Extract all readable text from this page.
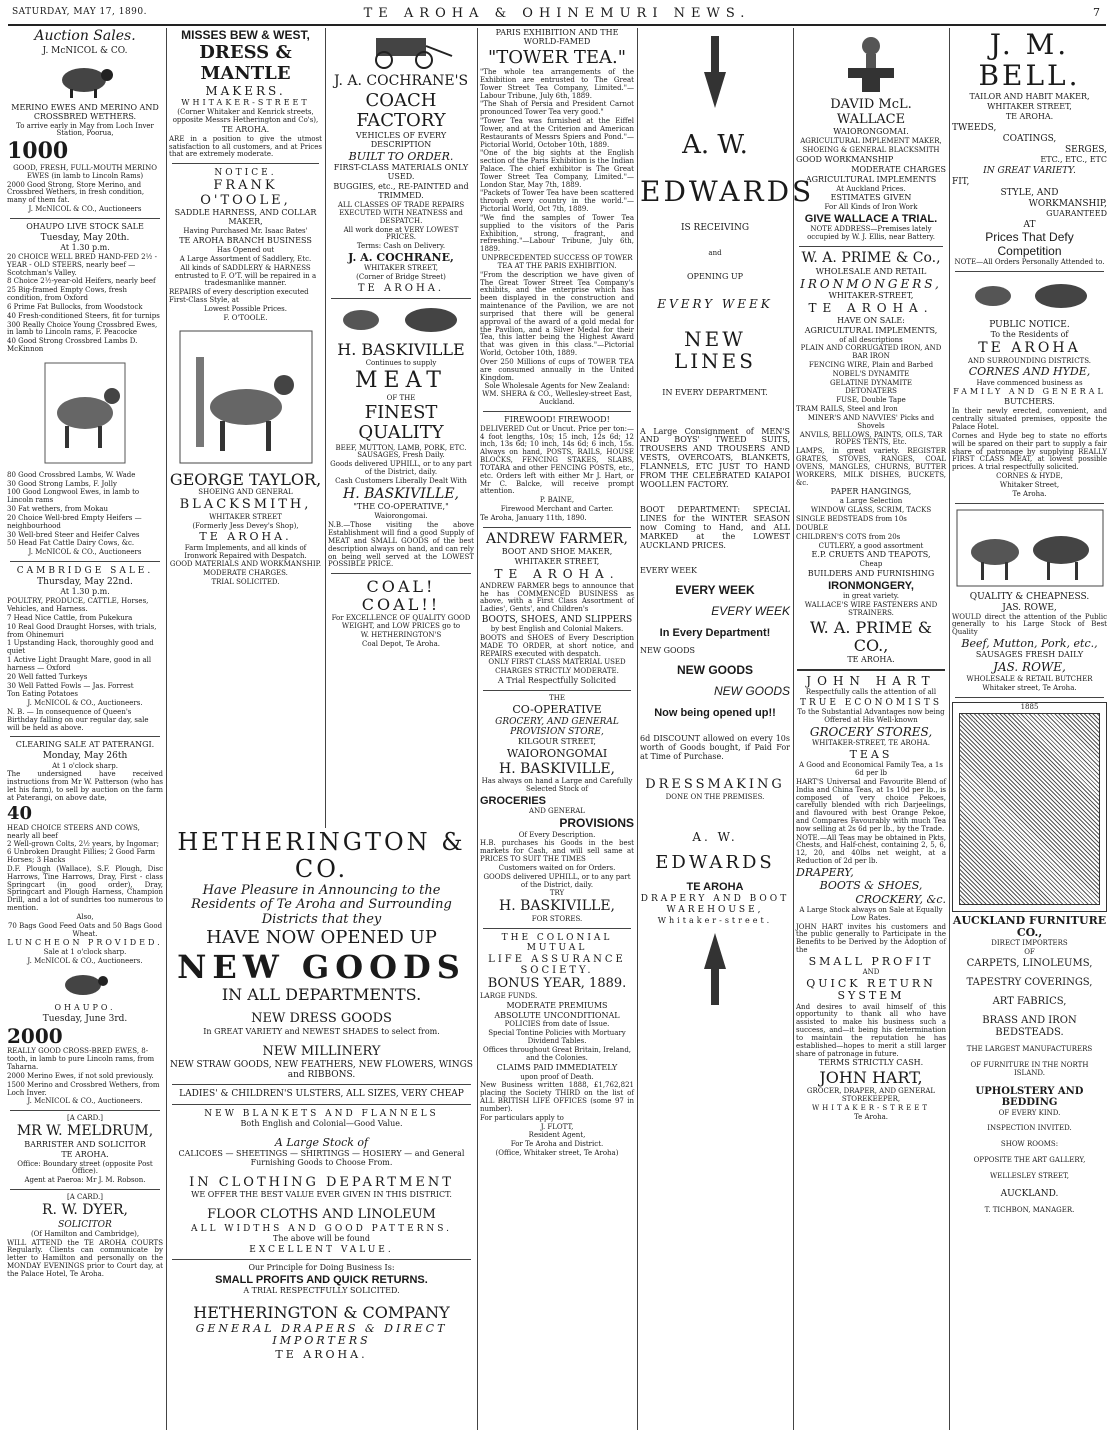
SATURDAY, MAY 17, 1890.	TE AROHA & OHINEMURI NEWS.	7
Auction Sales.
J. McNICOL & CO.
MERINO EWES AND MERINO AND CROSSBRED WETHERS.
To arrive early in May from Loch Inver Station, Poorua,
1000
GOOD, FRESH, FULL-MOUTH MERINO EWES (in lamb to Lincoln Rams)
2000 Good Strong, Store Merino, and Crossbred Wethers, in fresh condition, many of them fat.
J. McNICOL & CO., Auctioneers
OHAUPO LIVE STOCK SALE
Tuesday, May 20th.
At 1.30 p.m.
20 CHOICE WELL BRED HAND-FED 2½ - YEAR - OLD STEERS, nearly beef — Scotchman's Valley.
8 Choice 2½-year-old Heifers, nearly beef
25 Big-framed Empty Cows, fresh condition, from Oxford
6 Prime Fat Bullocks, from Woodstock
40 Fresh-conditioned Steers, fit for turnips
300 Really Choice Young Crossbred Ewes, in lamb to Lincoln rams, F. Peacocke
40 Good Strong Crossbred Lambs D. McKinnon
80 Good Crossbred Lambs, W. Wade
30 Good Strong Lambs, F. Jolly
100 Good Longwool Ewes, in lamb to Lincoln rams
30 Fat wethers, from Mokau
20 Choice Well-bred Empty Heifers — neighbourhood
30 Well-bred Steer and Heifer Calves
50 Head Fat Cattle Dairy Cows, &c.
J. McNICOL & CO., Auctioneers
CAMBRIDGE SALE.
Thursday, May 22nd.
At 1.30 p.m.
POULTRY, PRODUCE, CATTLE, Horses, Vehicles, and Harness.
7 Head Nice Cattle, from Pukekura
10 Real Good Draught Horses, with trials, from Ohinemuri
1 Upstanding Hack, thoroughly good and quiet
1 Active Light Draught Mare, good in all harness — Oxford
20 Well fatted Turkeys
30 Well Fatted Fowls — Jas. Forrest
Ton Eating Potatoes
J. McNICOL & CO., Auctioneers.
N. B. — In consequence of Queen's Birthday falling on our regular day, sale will be held as above.
CLEARING SALE AT PATERANGI.
Monday, May 26th
At 1 o'clock sharp.
The undersigned have received instructions from Mr W. Patterson (who has let his farm), to sell by auction on the farm at Paterangi, on above date,
40
HEAD CHOICE STEERS AND COWS, nearly all beef
2 Well-grown Colts, 2½ years, by Ingomar; 6 Unbroken Draught Fillies; 2 Good Farm Horses; 3 Hacks
D.F. Plough (Wallace), S.F. Plough, Disc Harrows, Tine Harrows, Dray, First - class Springcart (in good order), Dray, Springcart and Plough Harness, Champion Drill, and a lot of sundries too numerous to mention.
Also,
70 Bags Good Feed Oats and 50 Bags Good Wheat.
LUNCHEON PROVIDED.
Sale at 1 o'clock sharp.
J. McNICOL & CO., Auctioneers.
OHAUPO.
Tuesday, June 3rd.
2000
REALLY GOOD CROSS-BRED EWES, 8-tooth, in lamb to pure Lincoln rams, from Taharna.
2000 Merino Ewes, if not sold previously.
1500 Merino and Crossbred Wethers, from Loch Inver.
J. McNICOL & CO., Auctioneers.
[A CARD.]
MR W. MELDRUM,
BARRISTER AND SOLICITOR
TE AROHA.
Office: Boundary street (opposite Post Office).
Agent at Paeroa: Mr J. M. Robson.
[A CARD.]
R. W. DYER,
SOLICITOR
(Of Hamilton and Cambridge),
WILL ATTEND the TE AROHA COURTS Regularly. Clients can communicate by letter to Hamilton and personally on the MONDAY EVENINGS prior to Court day, at the Palace Hotel, Te Aroha.
MISSES BEW & WEST,
DRESS & MANTLE
MAKERS.
WHITAKER-STREET
(Corner Whitaker and Kenrick streets, opposite Messrs Hetherington and Co's),
TE AROHA.
ARE in a position to give the utmost satisfaction to all customers, and at Prices that are extremely moderate.
NOTICE.
FRANK O'TOOLE,
SADDLE HARNESS, AND COLLAR MAKER,
Having Purchased Mr. Isaac Bates'
TE AROHA BRANCH BUSINESS
Has Opened out
A Large Assortment of Saddlery, Etc.
All kinds of SADDLERY & HARNESS entrusted to F. O'T. will be repaired in a tradesmanlike manner.
REPAIRS of every description executed First-Class Style, at
Lowest Possible Prices.
F. O'TOOLE.
GEORGE TAYLOR,
SHOEING AND GENERAL
BLACKSMITH,
WHITAKER STREET
(Formerly Jess Devey's Shop),
TE AROHA.
Farm Implements, and all kinds of Ironwork Repaired with Despatch.
GOOD MATERIALS AND WORKMANSHIP.
MODERATE CHARGES.
TRIAL SOLICITED.
J. A. COCHRANE'S
COACH FACTORY
VEHICLES OF EVERY DESCRIPTION
BUILT TO ORDER.
FIRST-CLASS MATERIALS ONLY USED.
BUGGIES, etc., RE-PAINTED and TRIMMED.
ALL CLASSES OF TRADE REPAIRS EXECUTED WITH NEATNESS and DESPATCH.
All work done at VERY LOWEST PRICES.
Terms: Cash on Delivery.
J. A. COCHRANE,
WHITAKER STREET,
(Corner of Bridge Street)
TE AROHA.
H. BASKIVILLE
Continues to supply
MEAT
OF THE
FINEST QUALITY
BEEF, MUTTON, LAMB, PORK, ETC. SAUSAGES, Fresh Daily.
Goods delivered UPHILL, or to any part of the District, daily.
Cash Customers Liberally Dealt With
H. BASKIVILLE,
"THE CO-OPERATIVE,"
Waiorongomai.
N.B.—Those visiting the above Establishment will find a good Supply of MEAT and SMALL GOODS of the best description always on hand, and can rely on being well served at the LOWEST POSSIBLE PRICE.
COAL! COAL!!
For EXCELLENCE OF QUALITY GOOD WEIGHT, and LOW PRICES go to
W. HETHERINGTON'S
Coal Depot, Te Aroha.
HETHERINGTON & CO.
Have Pleasure in Announcing to the Residents of Te Aroha and Surrounding Districts that they
HAVE NOW OPENED UP
NEW GOODS
IN ALL DEPARTMENTS.
NEW DRESS GOODS
In GREAT VARIETY and NEWEST SHADES to select from.
NEW MILLINERY
NEW STRAW GOODS, NEW FEATHERS, NEW FLOWERS, WINGS and RIBBONS.
LADIES' & CHILDREN'S ULSTERS, ALL SIZES, VERY CHEAP
NEW BLANKETS AND FLANNELS
Both English and Colonial—Good Value.
A Large Stock of
CALICOES — SHEETINGS — SHIRTINGS — HOSIERY — and General Furnishing Goods to Choose From.
IN CLOTHING DEPARTMENT
WE OFFER THE BEST VALUE EVER GIVEN IN THIS DISTRICT.
FLOOR CLOTHS AND LINOLEUM
ALL WIDTHS AND GOOD PATTERNS.
The above will be found
EXCELLENT VALUE.
Our Principle for Doing Business Is:
SMALL PROFITS AND QUICK RETURNS.
A TRIAL RESPECTFULLY SOLICITED.
HETHERINGTON & COMPANY
GENERAL DRAPERS & DIRECT IMPORTERS
TE AROHA.
PARIS EXHIBITION AND THE WORLD-FAMED
"TOWER TEA."
"The whole tea arrangements of the Exhibition are entrusted to The Great Tower Street Tea Company, Limited."—Labour Tribune, July 6th, 1889.
"The Shah of Persia and President Carnot pronounced Tower Tea very good."
"Tower Tea was furnished at the Eiffel Tower, and at the Criterion and American Restaurants of Messrs Spiers and Pond."—Pictorial World, October 10th, 1889.
"One of the big sights at the English section of the Paris Exhibition is the Indian Palace. The chief exhibitor is The Great Tower Street Tea Company, Limited."—London Star, May 7th, 1889.
"Packets of Tower Tea have been scattered through every country in the world."—Pictorial World, Oct 7th, 1889.
"We find the samples of Tower Tea supplied to the visitors of the Paris Exhibition, strong, fragrant, and refreshing."—Labour Tribune, July 6th, 1889.
UNPRECEDENTED SUCCESS OF TOWER TEA AT THE PARIS EXHIBITION.
"From the description we have given of The Great Tower Street Tea Company's exhibits, and the enterprise which has been displayed in the construction and maintenance of the Pavilion, we are not surprised that there will be general approval of the award of a gold medal for the Pavilion, and a Silver Medal for their Tea, this latter being the Highest Award that was given in this class."—Pictorial World, October 10th, 1889.
Over 250 Millions of cups of TOWER TEA are consumed annually in the United Kingdom.
Sole Wholesale Agents for New Zealand: WM. SHERA & CO., Wellesley-street East, Auckland.
FIREWOOD! FIREWOOD!
DELIVERED Cut or Uncut. Price per ton:—4 foot lengths, 10s; 15 inch, 12s 6d; 12 inch, 13s 6d; 10 inch, 14s 6d; 6 inch, 15s. Always on hand, POSTS, RAILS, HOUSE BLOCKS, FENCING STAKES, SLABS, TOTARA and other FENCING POSTS, etc., etc. Orders left with either Mr J. Hart, or Mr C. Balcke, will receive prompt attention.
P. BAINE,
Firewood Merchant and Carter.
Te Aroha, January 11th, 1890.
ANDREW FARMER,
BOOT AND SHOE MAKER,
WHITAKER STREET,
TE AROHA.
ANDREW FARMER begs to announce that he has COMMENCED BUSINESS as above, with a First Class Assortment of Ladies', Gents', and Children's
BOOTS, SHOES, AND SLIPPERS
by best English and Colonial Makers.
BOOTS and SHOES of Every Description MADE TO ORDER, at short notice, and REPAIRS executed with despatch.
ONLY FIRST CLASS MATERIAL USED
CHARGES STRICTLY MODERATE.
A Trial Respectfully Solicited
THE
CO-OPERATIVE
GROCERY, AND GENERAL PROVISION STORE,
KILGOUR STREET,
WAIORONGOMAI
H. BASKIVILLE,
Has always on hand a Large and Carefully Selected Stock of
GROCERIES
AND GENERAL
PROVISIONS
Of Every Description.
H.B. purchases his Goods in the best markets for Cash, and will sell same at PRICES TO SUIT THE TIMES
Customers waited on for Orders.
GOODS delivered UPHILL, or to any part of the District, daily.
TRY
H. BASKIVILLE,
FOR STORES.
THE COLONIAL MUTUAL
LIFE ASSURANCE SOCIETY.
BONUS YEAR, 1889.
LARGE FUNDS.
MODERATE PREMIUMS
ABSOLUTE UNCONDITIONAL
POLICIES from date of Issue.
Special Tontine Policies with Mortuary Dividend Tables.
Offices throughout Great Britain, Ireland, and the Colonies.
CLAIMS PAID IMMEDIATELY
upon proof of Death.
New Business written 1888, £1,762,821 placing the Society THIRD on the list of ALL BRITISH LIFE OFFICES (some 97 in number).
For particulars apply to
J. FLOTT,
Resident Agent,
For Te Aroha and District.
(Office, Whitaker street, Te Aroha)
A. W.
EDWARDS
IS RECEIVING
and
OPENING UP
EVERY WEEK
NEW LINES
IN EVERY DEPARTMENT.
A Large Consignment of MEN'S AND BOYS' TWEED SUITS, TROUSERS AND TROUSERS AND VESTS, OVERCOATS, BLANKETS, FLANNELS, ETC JUST TO HAND FROM THE CELEBRATED KAIAPOI WOOLLEN FACTORY.
BOOT DEPARTMENT: SPECIAL LINES for the WINTER SEASON now Coming to Hand, and ALL MARKED at the LOWEST AUCKLAND PRICES.
EVERY WEEK
EVERY WEEK
EVERY WEEK
In Every Department!
NEW GOODS
NEW GOODS
NEW GOODS
Now being opened up!!
6d DISCOUNT allowed on every 10s worth of Goods bought, if Paid For at Time of Purchase.
DRESSMAKING
DONE ON THE PREMISES.
A. W.
EDWARDS
TE AROHA
DRAPERY AND BOOT
WAREHOUSE,
Whitaker-street.
DAVID McL. WALLACE
WAIORONGOMAI.
AGRICULTURAL IMPLEMENT MAKER,
SHOEING & GENERAL BLACKSMITH
GOOD WORKMANSHIP
MODERATE CHARGES
AGRICULTURAL IMPLEMENTS
At Auckland Prices.
ESTIMATES GIVEN
For All Kinds of Iron Work
GIVE WALLACE A TRIAL.
NOTE ADDRESS—Premises lately occupied by W. J. Ellis, near Battery.
W. A. PRIME & Co.,
WHOLESALE AND RETAIL
IRONMONGERS,
WHITAKER-STREET,
TE AROHA.
HAVE ON SALE:
AGRICULTURAL IMPLEMENTS,
of all descriptions
PLAIN AND CORRUGATED IRON, AND BAR IRON
FENCING WIRE, Plain and Barbed
NOBEL'S DYNAMITE
GELATINE DYNAMITE
DETONATERS
FUSE, Double Tape
TRAM RAILS, Steel and Iron
MINER'S AND NAVVIES' Picks and Shovels
ANVILS, BELLOWS, PAINTS, OILS, TAR ROPES TENTS, Etc.
LAMPS, in great variety. REGISTER GRATES, STOVES, RANGES, COAL OVENS, MANGLES, CHURNS, BUTTER WORKERS, MILK DISHES, BUCKETS, &c.
PAPER HANGINGS,
a Large Selection
WINDOW GLASS, SCRIM, TACKS
SINGLE BEDSTEADS from 10s
DOUBLE
CHILDREN'S COTS from 20s
CUTLERY, a good assortment
E.P. CRUETS AND TEAPOTS,
Cheap
BUILDERS AND FURNISHING
IRONMONGERY,
in great variety.
WALLACE'S WIRE FASTENERS AND STRAINERS.
W. A. PRIME & CO.,
TE AROHA.
JOHN HART
Respectfully calls the attention of all
TRUE ECONOMISTS
To the Substantial Advantages now being Offered at His Well-known
GROCERY STORES,
WHITAKER-STREET, TE AROHA.
TEAS
A Good and Economical Family Tea, a 1s 6d per lb
HART'S Universal and Favourite Blend of India and China Teas, at 1s 10d per lb., is composed of very choice Pekoes, carefully blended with rich Darjeelings, and flavoured with best Orange Pekoe, and Compares Favourably with much Tea now selling at 2s 6d per lb., by the Trade.
NOTE.—All Teas may be obtained in Pkts, Chests, and Half-chest, containing 2, 5, 6, 12, 20, and 40lbs net weight, at a Reduction of 2d per lb.
DRAPERY,
BOOTS & SHOES,
CROCKERY, &c.
A Large Stock always on Sale at Equally Low Rates.
JOHN HART invites his customers and the public generally to Participate in the Benefits to be Derived by the Adoption of the
SMALL PROFIT
AND
QUICK RETURN SYSTEM
And desires to avail himself of this opportunity to thank all who have assisted to make his business such a success, and—it being his determination to maintain the reputation he has established—hopes to merit a still larger share of patronage in future.
TERMS STRICTLY CASH.
JOHN HART,
GROCER, DRAPER, AND GENERAL STOREKEEPER,
WHITAKER-STREET
Te Aroha.
J. M. BELL.
TAILOR AND HABIT MAKER,
WHITAKER STREET,
TE AROHA.
TWEEDS,
COATINGS,
SERGES,
ETC., ETC., ETC
IN GREAT VARIETY.
FIT,
STYLE, AND
WORKMANSHIP,
GUARANTEED
AT
Prices That Defy Competition
NOTE—All Orders Personally Attended to.
PUBLIC NOTICE.
To the Residents of
TE AROHA
AND SURROUNDING DISTRICTS.
CORNES AND HYDE,
Have commenced business as
FAMILY AND GENERAL
BUTCHERS.
In their newly erected, convenient, and centrally situated premises, opposite the Palace Hotel.
Cornes and Hyde beg to state no efforts will be spared on their part to supply a fair share of patronage by supplying REALLY FIRST CLASS MEAT, at lowest possible prices. A trial respectfully solicited.
CORNES & HYDE,
Whitaker Street,
Te Aroha.
QUALITY & CHEAPNESS.
JAS. ROWE,
WOULD direct the attention of the Public generally to his Large Stock of Best Quality
Beef, Mutton, Pork, etc.,
SAUSAGES FRESH DAILY
JAS. ROWE,
WHOLESALE & RETAIL BUTCHER
Whitaker street, Te Aroha.
1885
AUCKLAND FURNITURE CO.,
DIRECT IMPORTERS
OF
CARPETS, LINOLEUMS,
TAPESTRY COVERINGS,
ART FABRICS,
BRASS AND IRON BEDSTEADS.
THE LARGEST MANUFACTURERS
OF FURNITURE IN THE NORTH
ISLAND.
UPHOLSTERY AND BEDDING
OF EVERY KIND.
INSPECTION INVITED.
SHOW ROOMS:
OPPOSITE THE ART GALLERY,
WELLESLEY STREET,
AUCKLAND.
T. TICHBON, MANAGER.
